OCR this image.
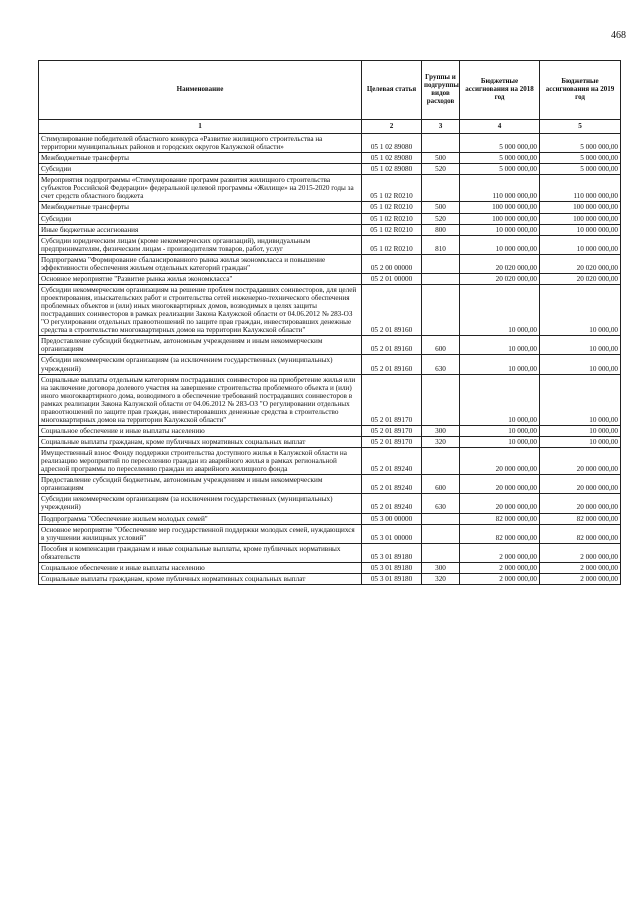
468
Наименование	Целевая статья	Группы и подгруппы видов расходов	Бюджетные ассигнования на 2018 год	Бюджетные ассигнования на 2019 год
1	2	3	4	5
Стимулирование победителей областного конкурса «Развитие жилищного строительства на территории муниципальных районов и городских округов Калужской области»	05 1 02 89080		5 000 000,00	5 000 000,00
Межбюджетные трансферты	05 1 02 89080	500	5 000 000,00	5 000 000,00
Субсидии	05 1 02 89080	520	5 000 000,00	5 000 000,00
Мероприятия подпрограммы «Стимулирование программ развития жилищного строительства субъектов Российской Федерации» федеральной целевой программы «Жилище» на 2015-2020 годы за счет средств областного бюджета	05 1 02 R0210		110 000 000,00	110 000 000,00
Межбюджетные трансферты	05 1 02 R0210	500	100 000 000,00	100 000 000,00
Субсидии	05 1 02 R0210	520	100 000 000,00	100 000 000,00
Иные бюджетные ассигнования	05 1 02 R0210	800	10 000 000,00	10 000 000,00
Субсидии юридическим лицам (кроме некоммерческих организаций), индивидуальным предпринимателям, физическим лицам - производителям товаров, работ, услуг	05 1 02 R0210	810	10 000 000,00	10 000 000,00
Подпрограмма "Формирование сбалансированного рынка жилья экономкласса и повышение эффективности обеспечения жильем отдельных категорий граждан"	05 2 00 00000		20 020 000,00	20 020 000,00
Основное мероприятие "Развитие рынка жилья экономкласса"	05 2 01 00000		20 020 000,00	20 020 000,00
Субсидии некоммерческим организациям на решение проблем пострадавших соинвесторов, для целей проектирования, изыскательских работ и строительства сетей инженерно-технического обеспечения проблемных объектов и (или) иных многоквартирных домов, возводимых в целях защиты пострадавших соинвесторов в рамках реализации Закона Калужской области от 04.06.2012 № 283-ОЗ "О регулировании отдельных правоотношений по защите прав граждан, инвестировавших денежные средства в строительство многоквартирных домов на территории Калужской области"	05 2 01 89160		10 000,00	10 000,00
Предоставление субсидий бюджетным, автономным учреждениям и иным некоммерческим организациям	05 2 01 89160	600	10 000,00	10 000,00
Субсидии некоммерческим организациям (за исключением государственных (муниципальных) учреждений)	05 2 01 89160	630	10 000,00	10 000,00
Социальные выплаты отдельным категориям пострадавших соинвесторов на приобретение жилья или на заключение договора долевого участия на завершение строительства проблемного объекта и (или) иного многоквартирного дома, возводимого в обеспечение требований пострадавших соинвесторов в рамках реализации Закона Калужской области от 04.06.2012 № 283-ОЗ "О регулировании отдельных правоотношений по защите прав граждан, инвестировавших денежные средства в строительство многоквартирных домов на территории Калужской области"	05 2 01 89170		10 000,00	10 000,00
Социальное обеспечение и иные выплаты населению	05 2 01 89170	300	10 000,00	10 000,00
Социальные выплаты гражданам, кроме публичных нормативных социальных выплат	05 2 01 89170	320	10 000,00	10 000,00
Имущественный взнос Фонду поддержки строительства доступного жилья в Калужской области на реализацию мероприятий по переселению граждан из аварийного жилья в рамках региональной адресной программы по переселению граждан из аварийного жилищного фонда	05 2 01 89240		20 000 000,00	20 000 000,00
Предоставление субсидий бюджетным, автономным учреждениям и иным некоммерческим организациям	05 2 01 89240	600	20 000 000,00	20 000 000,00
Субсидии некоммерческим организациям (за исключением государственных (муниципальных) учреждений)	05 2 01 89240	630	20 000 000,00	20 000 000,00
Подпрограмма "Обеспечение жильем молодых семей"	05 3 00 00000		82 000 000,00	82 000 000,00
Основное мероприятие "Обеспечение мер государственной поддержки молодых семей, нуждающихся в улучшении жилищных условий"	05 3 01 00000		82 000 000,00	82 000 000,00
Пособия и компенсации гражданам и иные социальные выплаты, кроме публичных нормативных обязательств	05 3 01 89180		2 000 000,00	2 000 000,00
Социальное обеспечение и иные выплаты населению	05 3 01 89180	300	2 000 000,00	2 000 000,00
Социальные выплаты гражданам, кроме публичных нормативных социальных выплат	05 3 01 89180	320	2 000 000,00	2 000 000,00
